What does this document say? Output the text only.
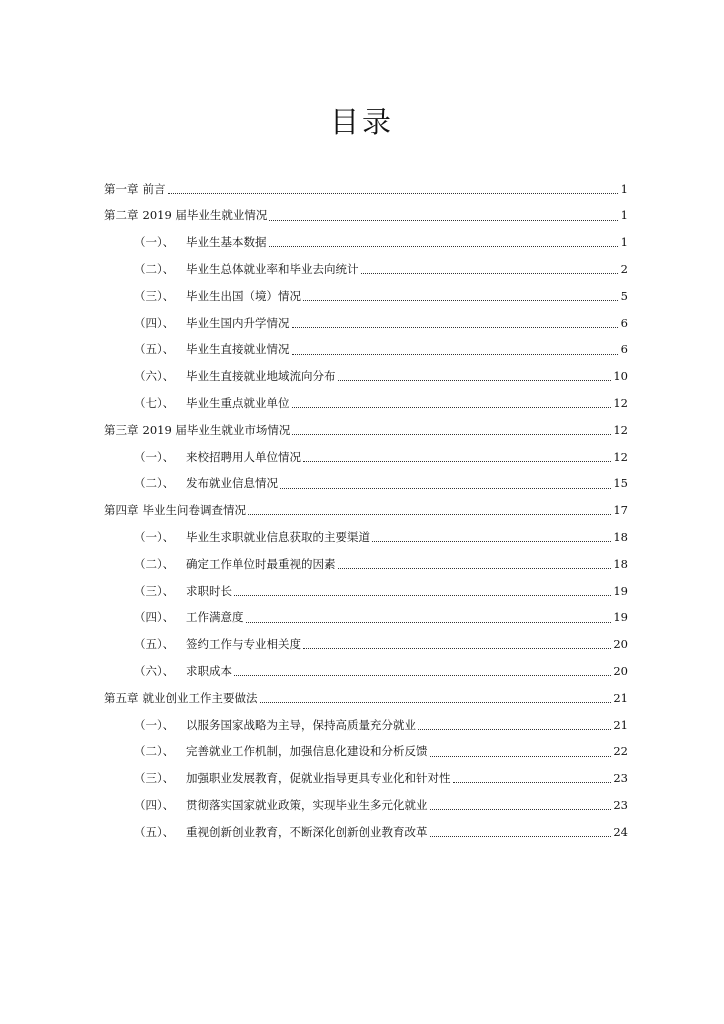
目录
第一章 前言	1
第二章 2019 届毕业生就业情况	1
（一）、	毕业生基本数据	1
（二）、	毕业生总体就业率和毕业去向统计	2
（三）、	毕业生出国（境）情况	5
（四）、	毕业生国内升学情况	6
（五）、	毕业生直接就业情况	6
（六）、	毕业生直接就业地域流向分布	10
（七）、	毕业生重点就业单位	12
第三章 2019 届毕业生就业市场情况	12
（一）、	来校招聘用人单位情况	12
（二）、	发布就业信息情况	15
第四章 毕业生问卷调查情况	17
（一）、	毕业生求职就业信息获取的主要渠道	18
（二）、	确定工作单位时最重视的因素	18
（三）、	求职时长	19
（四）、	工作满意度	19
（五）、	签约工作与专业相关度	20
（六）、	求职成本	20
第五章 就业创业工作主要做法	21
（一）、	以服务国家战略为主导，保持高质量充分就业	21
（二）、	完善就业工作机制，加强信息化建设和分析反馈	22
（三）、	加强职业发展教育，促就业指导更具专业化和针对性	23
（四）、	贯彻落实国家就业政策，实现毕业生多元化就业	23
（五）、	重视创新创业教育，不断深化创新创业教育改革	24
